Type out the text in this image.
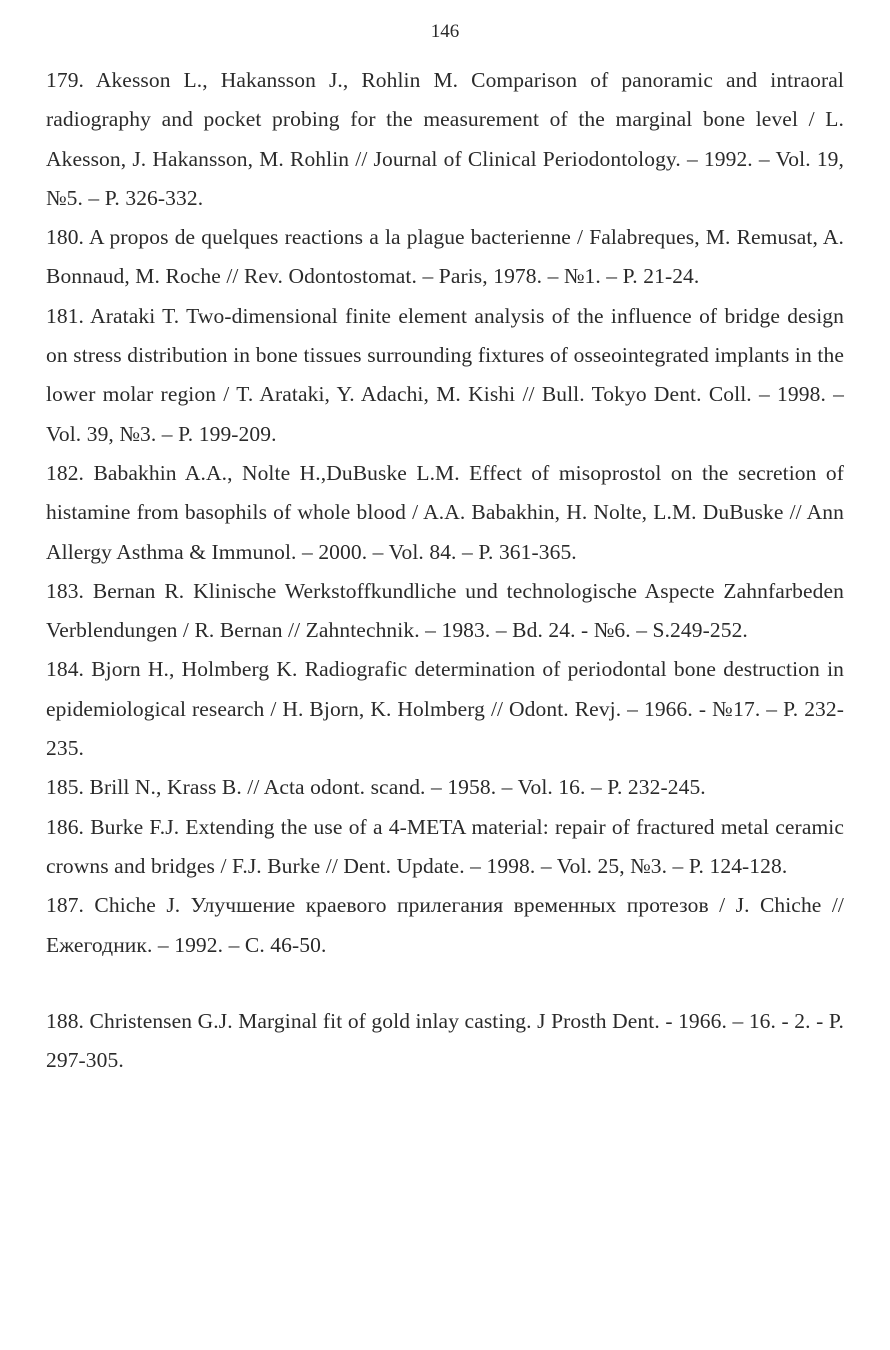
146

179. Akesson L., Hakansson J., Rohlin M. Comparison of panoramic and intraoral radiography and pocket probing for the measurement of the marginal bone level / L. Akesson, J. Hakansson, M. Rohlin // Journal of Clinical Periodontology. – 1992. – Vol. 19, №5. – P. 326-332.

180. A propos de quelques reactions a la plague bacterienne / Falabreques, M. Remusat, A. Bonnaud, M. Roche // Rev. Odontostomat. – Paris, 1978. – №1. – P. 21-24.

181. Arataki T. Two-dimensional finite element analysis of the influence of bridge design on stress distribution in bone tissues surrounding fixtures of osseointegrated implants in the lower molar region / T. Arataki, Y. Adachi, M. Kishi // Bull. Tokyo Dent. Coll. – 1998. – Vol. 39, №3. – P. 199-209.

182. Babakhin A.A., Nolte H.,DuBuske L.M. Effect of misoprostol on the secretion of histamine from basophils of whole blood / A.A. Babakhin, H. Nolte, L.M. DuBuske // Ann Allergy Asthma & Immunol. – 2000. – Vol. 84. – P. 361-365.

183. Bernan R. Klinische Werkstoffkundliche und technologische Aspecte Zahnfarbeden Verblendungen / R. Bernan // Zahntechnik. – 1983. – Bd. 24. - №6. – S.249-252.

184. Bjorn H., Holmberg K. Radiografic determination of periodontal bone destruction in epidemiological research / H. Bjorn, K. Holmberg // Odont. Revj. – 1966. - №17. – P. 232-235.

185. Brill N., Krass B. // Acta odont. scand. – 1958. – Vol. 16. – P. 232-245.

186. Burke F.J. Extending the use of a 4-META material: repair of fractured metal ceramic crowns and bridges / F.J. Burke // Dent. Update. – 1998. – Vol. 25, №3. – P. 124-128.

187. Chiche J. Улучшение краевого прилегания временных протезов / J. Chiche // Ежегодник. – 1992. – С. 46-50.

188. Christensen G.J. Marginal fit of gold inlay casting. J Prosth Dent. - 1966. – 16. - 2. - P. 297-305.
